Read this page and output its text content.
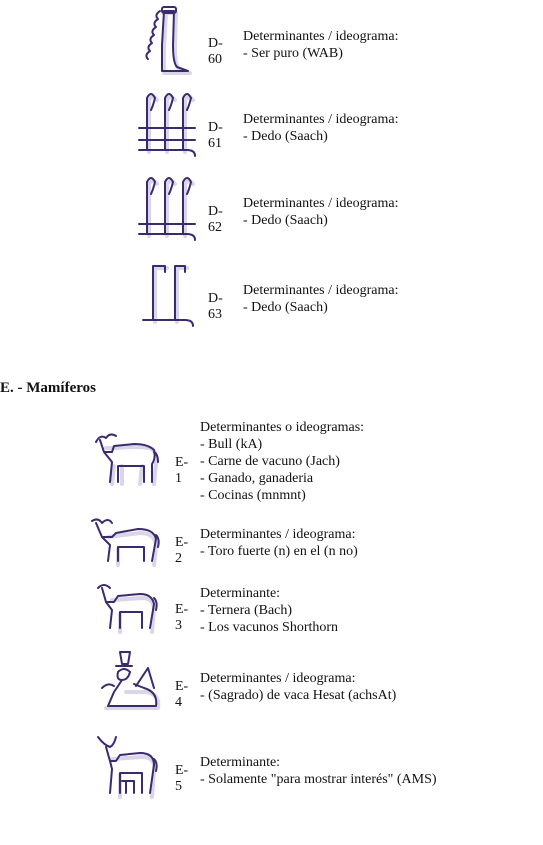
D-60
Determinantes / ideograma:
- Ser puro (WAB)
D-61
Determinantes / ideograma:
- Dedo (Saach)
D-62
Determinantes / ideograma:
- Dedo (Saach)
D-63
Determinantes / ideograma:
- Dedo (Saach)
E. - Mamíferos
E-1
Determinantes o ideogramas:
- Bull (kA)
- Carne de vacuno (Jach)
- Ganado, ganaderia
- Cocinas (mnmnt)
E-2
Determinantes / ideograma:
- Toro fuerte (n) en el (n no)
E-3
Determinante:
- Ternera (Bach)
- Los vacunos Shorthorn
E-4
Determinantes / ideograma:
- (Sagrado) de vaca Hesat (achsAt)
E-5
Determinante:
- Solamente "para mostrar interés" (AMS)
